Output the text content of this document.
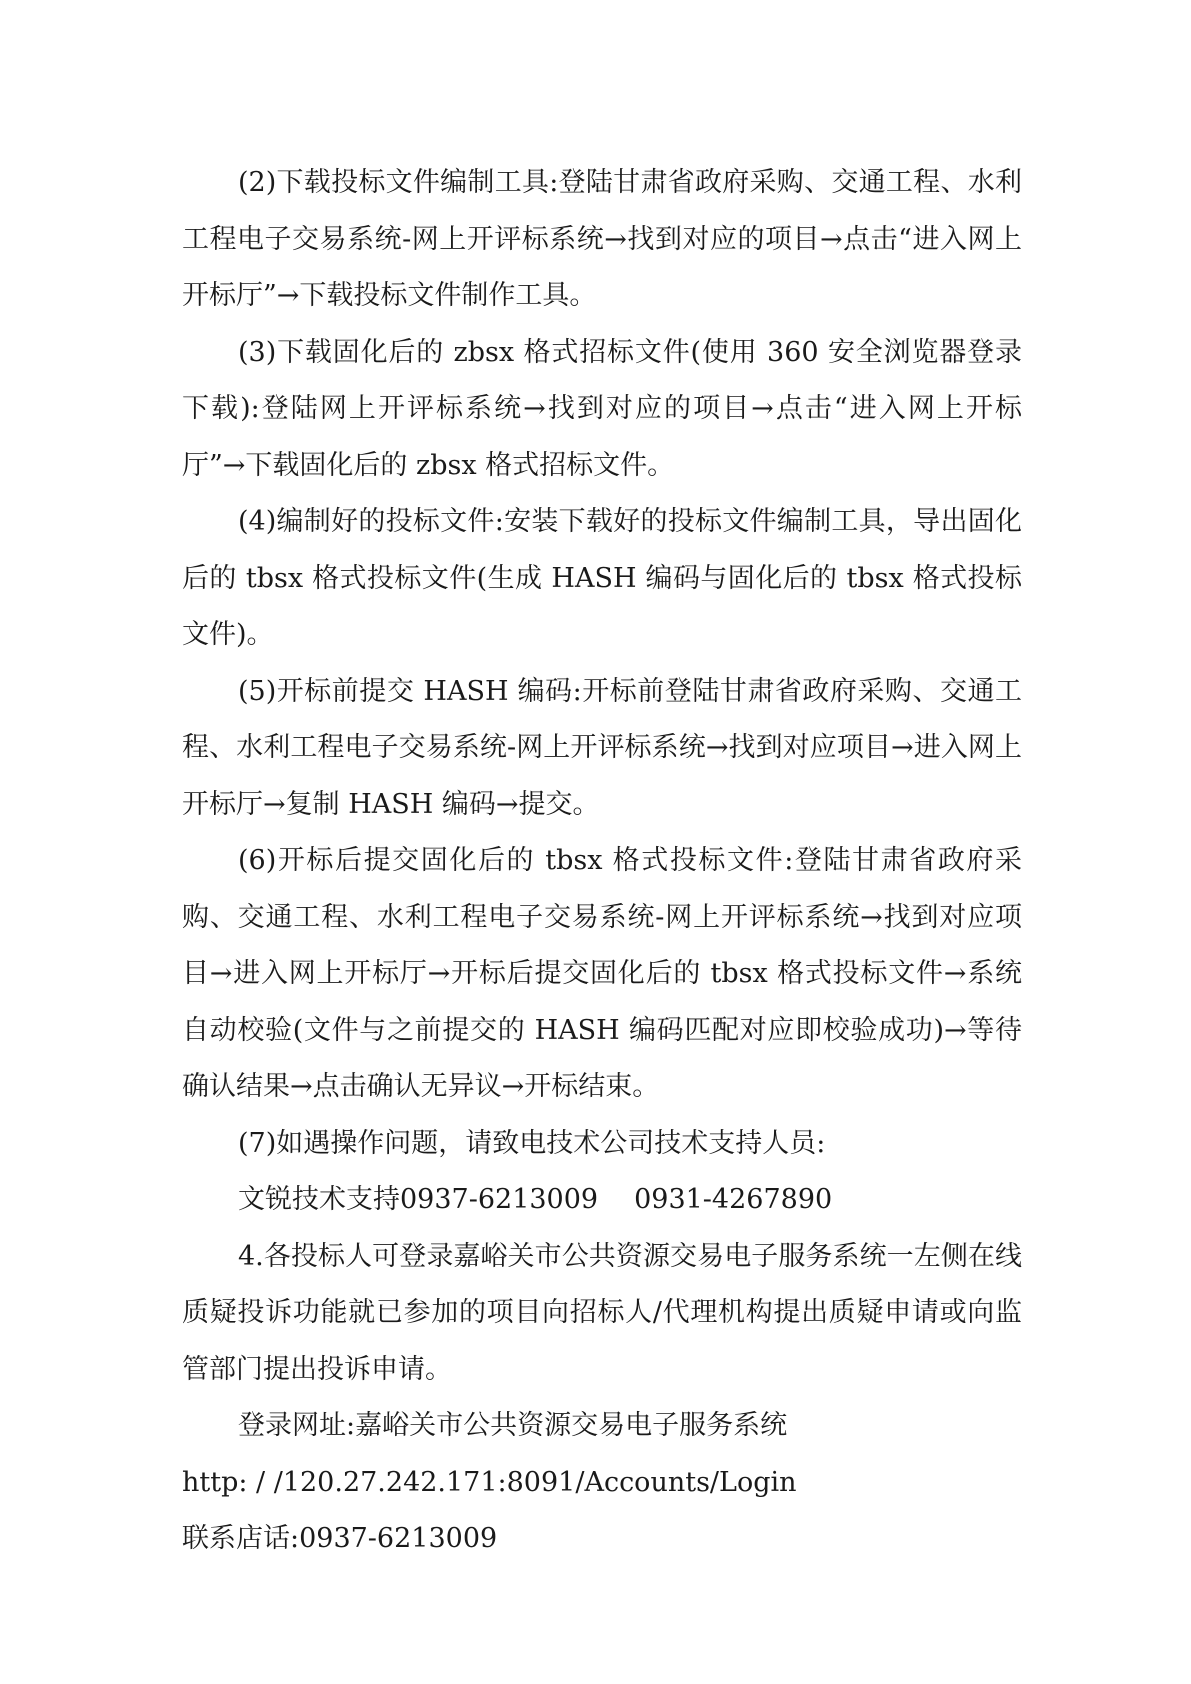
(2)下载投标文件编制工具:登陆甘肃省政府采购、交通工程、水利工程电子交易系统-网上开评标系统→找到对应的项目→点击“进入网上开标厅”→下载投标文件制作工具。

(3)下载固化后的 zbsx 格式招标文件(使用 360 安全浏览器登录下载):登陆网上开评标系统→找到对应的项目→点击“进入网上开标厅”→下载固化后的 zbsx 格式招标文件。

(4)编制好的投标文件:安装下载好的投标文件编制工具，导出固化后的 tbsx 格式投标文件(生成 HASH 编码与固化后的 tbsx 格式投标文件)。

(5)开标前提交 HASH 编码:开标前登陆甘肃省政府采购、交通工程、水利工程电子交易系统-网上开评标系统→找到对应项目→进入网上开标厅→复制 HASH 编码→提交。

(6)开标后提交固化后的 tbsx 格式投标文件:登陆甘肃省政府采购、交通工程、水利工程电子交易系统-网上开评标系统→找到对应项目→进入网上开标厅→开标后提交固化后的 tbsx 格式投标文件→系统自动校验(文件与之前提交的 HASH 编码匹配对应即校验成功)→等待确认结果→点击确认无异议→开标结束。

(7)如遇操作问题，请致电技术公司技术支持人员:

文锐技术支持0937-6213009 0931-4267890

4.各投标人可登录嘉峪关市公共资源交易电子服务系统一左侧在线质疑投诉功能就已参加的项目向招标人/代理机构提出质疑申请或向监管部门提出投诉申请。

登录网址:嘉峪关市公共资源交易电子服务系统

http: / /120.27.242.171:8091/Accounts/Login

联系店话:0937-6213009
